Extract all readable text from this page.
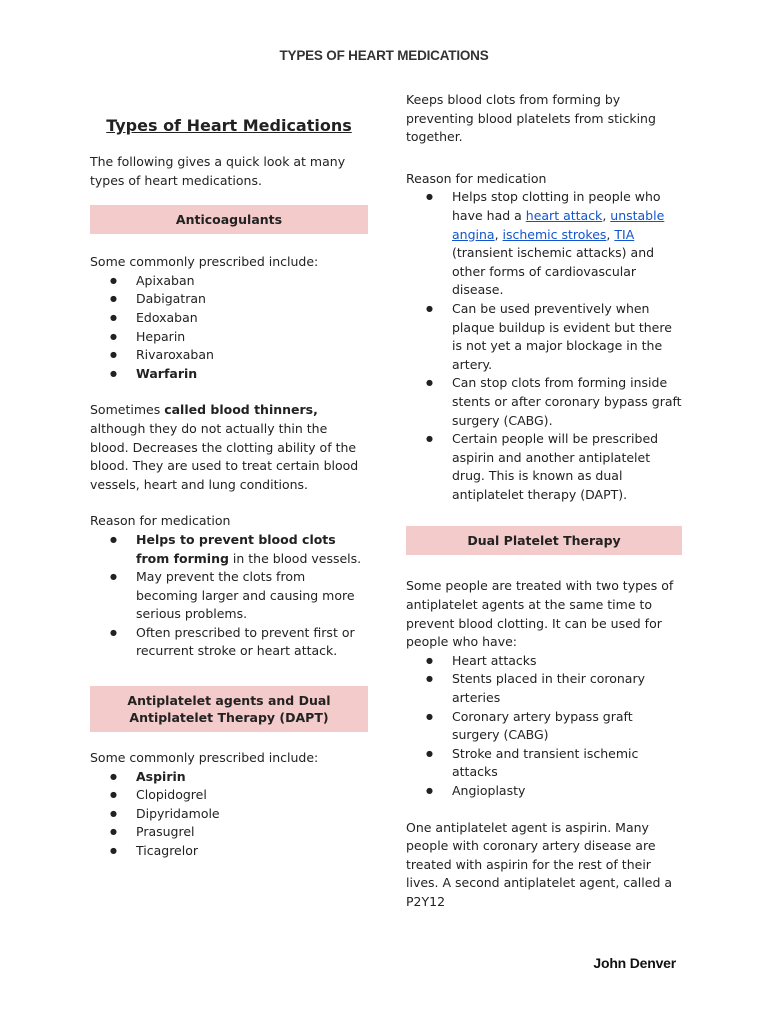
TYPES OF HEART MEDICATIONS
Types of Heart Medications

The following gives a quick look at many types of heart medications.

Anticoagulants

Some commonly prescribed include:

● Apixaban
● Dabigatran
● Edoxaban
● Heparin
● Rivaroxaban
● Warfarin

Sometimes called blood thinners, although they do not actually thin the blood. Decreases the clotting ability of the blood. They are used to treat certain blood vessels, heart and lung conditions.

Reason for medication

● Helps to prevent blood clots from forming in the blood vessels.
● May prevent the clots from becoming larger and causing more serious problems.
● Often prescribed to prevent first or recurrent stroke or heart attack.
Antiplatelet agents and Dual Antiplatelet Therapy (DAPT)

Some commonly prescribed include:

● Aspirin
● Clopidogrel
● Dipyridamole
● Prasugrel
● Ticagrelor

Keeps blood clots from forming by preventing blood platelets from sticking together.

Reason for medication

● Helps stop clotting in people who have had a heart attack, unstable angina, ischemic strokes, TIA (transient ischemic attacks) and other forms of cardiovascular disease.
● Can be used preventively when plaque buildup is evident but there is not yet a major blockage in the artery.
● Can stop clots from forming inside stents or after coronary bypass graft surgery (CABG).
● Certain people will be prescribed aspirin and another antiplatelet drug. This is known as dual antiplatelet therapy (DAPT).
Dual Platelet Therapy

Some people are treated with two types of antiplatelet agents at the same time to prevent blood clotting. It can be used for people who have:

● Heart attacks
● Stents placed in their coronary arteries
● Coronary artery bypass graft surgery (CABG)
● Stroke and transient ischemic attacks
● Angioplasty

One antiplatelet agent is aspirin. Many people with coronary artery disease are treated with aspirin for the rest of their lives. A second antiplatelet agent, called a P2Y12

John Denver
